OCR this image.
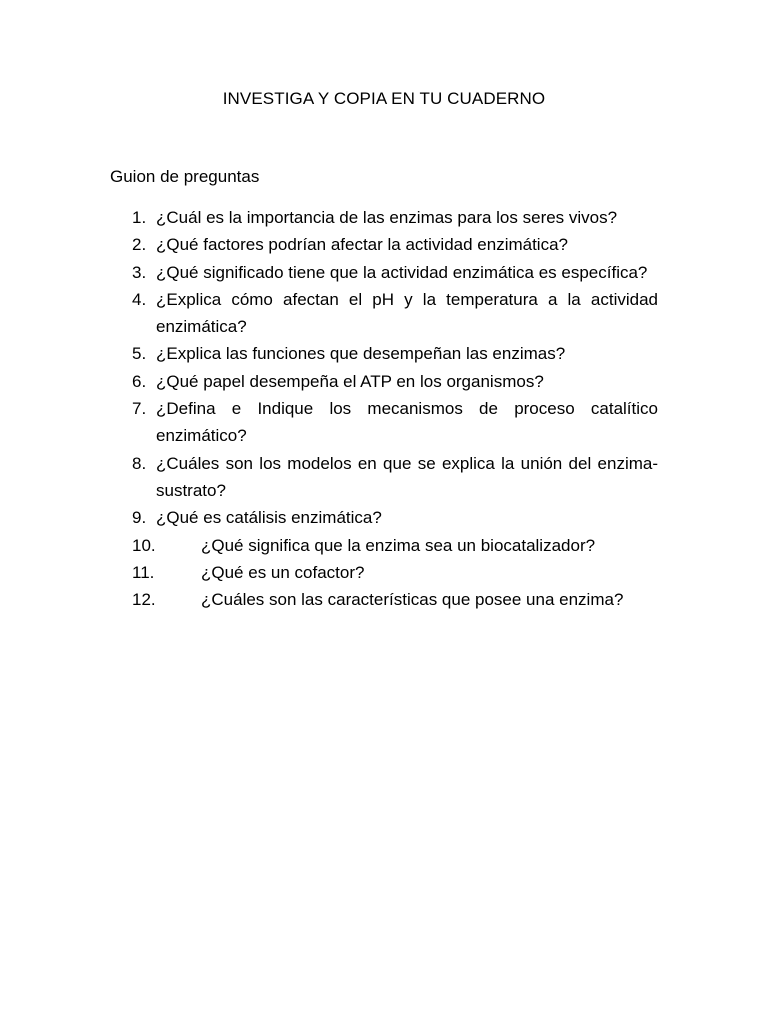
INVESTIGA Y COPIA EN TU CUADERNO
Guion de preguntas
1. ¿Cuál es la importancia de las enzimas para los seres vivos?
2. ¿Qué factores podrían afectar la actividad enzimática?
3. ¿Qué significado tiene que la actividad enzimática es específica?
4. ¿Explica cómo afectan el pH y la temperatura a la actividad enzimática?
5. ¿Explica las funciones que desempeñan las enzimas?
6. ¿Qué papel desempeña el ATP en los organismos?
7. ¿Defina e Indique los mecanismos de proceso catalítico enzimático?
8. ¿Cuáles son los modelos en que se explica la unión del enzima-sustrato?
9. ¿Qué es catálisis enzimática?
10.	¿Qué significa que la enzima sea un biocatalizador?
11.	¿Qué es un cofactor?
12.	¿Cuáles son las características que posee una enzima?
